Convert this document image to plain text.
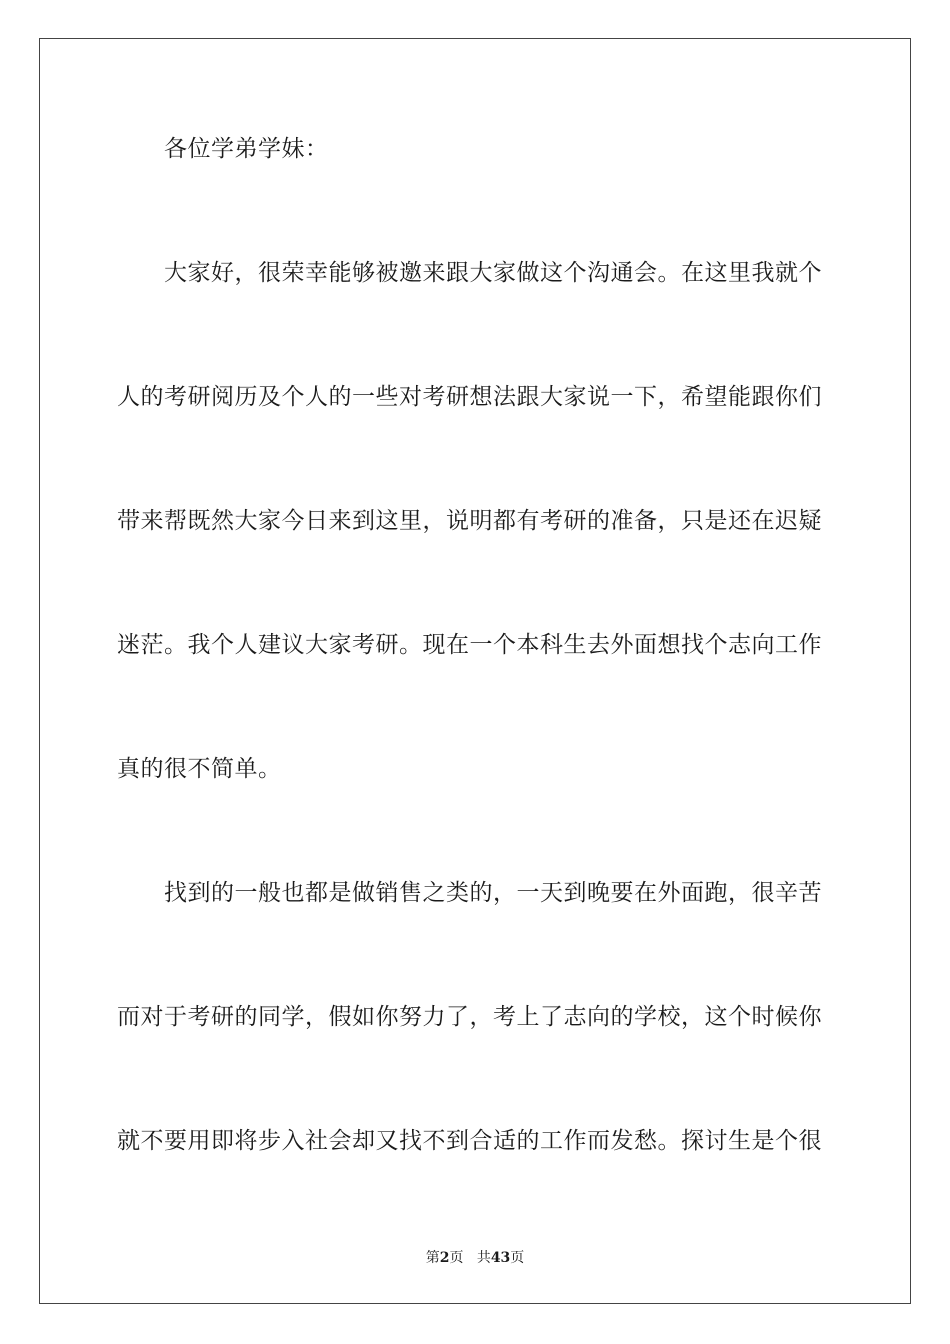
各位学弟学妹：
大家好，很荣幸能够被邀来跟大家做这个沟通会。在这里我就个
人的考研阅历及个人的一些对考研想法跟大家说一下，希望能跟你们
带来帮既然大家今日来到这里，说明都有考研的准备，只是还在迟疑
迷茫。我个人建议大家考研。现在一个本科生去外面想找个志向工作
真的很不简单。
找到的一般也都是做销售之类的，一天到晚要在外面跑，很辛苦
而对于考研的同学，假如你努力了，考上了志向的学校，这个时候你
就不要用即将步入社会却又找不到合适的工作而发愁。探讨生是个很
第2页 共43页
